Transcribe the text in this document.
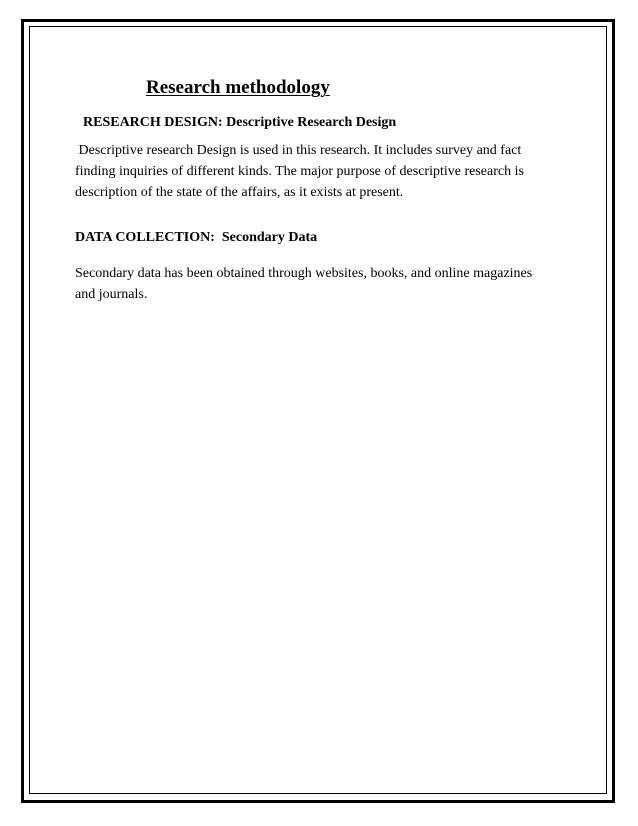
Research methodology
RESEARCH DESIGN: Descriptive Research Design

Descriptive research Design is used in this research. It includes survey and fact

finding inquiries of different kinds. The major purpose of descriptive research is

description of the state of the affairs, as it exists at present.

DATA COLLECTION:  Secondary Data

Secondary data has been obtained through websites, books, and online magazines

and journals.
